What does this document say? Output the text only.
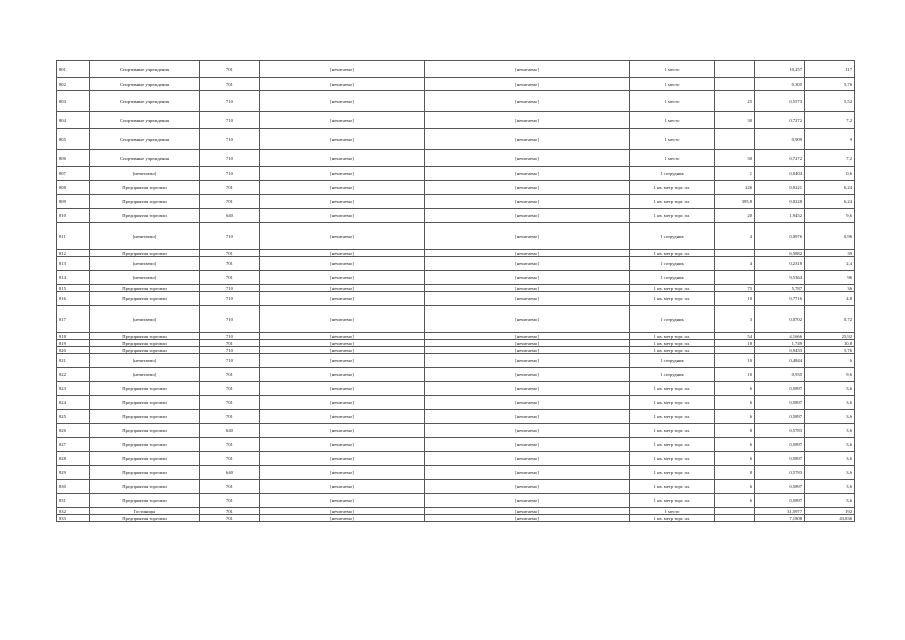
801	Спортивные учреждения	701	[нечитаемо]	[нечитаемо]	1 место		10,257	117
802	Спортивные учреждения	701	[нечитаемо]	[нечитаемо]	1 место		0,305	5,76
803	Спортивные учреждения	710	[нечитаемо]	[нечитаемо]	1 место	25	0,5573	5,52
804	Спортивные учреждения	710	[нечитаемо]	[нечитаемо]	1 место	30	0,7272	7,2
805	Спортивные учреждения	710	[нечитаемо]	[нечитаемо]	1 место		0,909	9
806	Спортивные учреждения	710	[нечитаемо]	[нечитаемо]	1 место	30	0,7272	7,2
807	[нечитаемо]	710	[нечитаемо]	[нечитаемо]	1 сотрудник	1	0,0404	0,6
808	Предприятия торговли	701	[нечитаемо]	[нечитаемо]	1 кв. метр торг. пл.	226	0,0221	6,24
809	Предприятия торговли	701	[нечитаемо]	[нечитаемо]	1 кв. метр торг. пл.	395,8	0,0228	6,24
810	Предприятия торговли	640	[нечитаемо]	[нечитаемо]	1 кв. метр торг. пл.	20	1,9452	9,6
811	[нечитаемо]	710	[нечитаемо]	[нечитаемо]	1 сотрудник	4	0,0976	0,96
812	Предприятия торговли	701	[нечитаемо]	[нечитаемо]	1 кв. метр торг. пл.		6,5882	39
813	[нечитаемо]	701	[нечитаемо]	[нечитаемо]	1 сотрудник	4	0,2318	2,4
814	[нечитаемо]	701	[нечитаемо]	[нечитаемо]	1 сотрудник		9,5364	96
815	Предприятия торговли	710	[нечитаемо]	[нечитаемо]	1 кв. метр торг. пл.	75	5,787	36
816	Предприятия торговли	710	[нечитаемо]	[нечитаемо]	1 кв. метр торг. пл.	10	0,7716	4,8
817	[нечитаемо]	710	[нечитаемо]	[нечитаемо]	1 сотрудник	3	0,0702	0,72
818	Предприятия торговли	710	[нечитаемо]	[нечитаемо]	1 кв. метр торг. пл.	54	4,1666	25,92
819	Предприятия торговли	701	[нечитаемо]	[нечитаемо]	1 кв. метр торг. пл.	18	1,749	10,8
820	Предприятия торговли	710	[нечитаемо]	[нечитаемо]	1 кв. метр торг. пл.		0,9433	5,76
821	[нечитаемо]	710	[нечитаемо]	[нечитаемо]	1 сотрудник	10	0,4844	6
822	[нечитаемо]	701	[нечитаемо]	[нечитаемо]	1 сотрудник	10	0,935	9,6
823	Предприятия торговли	701	[нечитаемо]	[нечитаемо]	1 кв. метр торг. пл.	6	0,5897	3,6
824	Предприятия торговли	701	[нечитаемо]	[нечитаемо]	1 кв. метр торг. пл.	6	0,5897	3,6
825	Предприятия торговли	701	[нечитаемо]	[нечитаемо]	1 кв. метр торг. пл.	6	0,5897	3,6
826	Предприятия торговли	640	[нечитаемо]	[нечитаемо]	1 кв. метр торг. пл.	8	0,5783	3,6
827	Предприятия торговли	701	[нечитаемо]	[нечитаемо]	1 кв. метр торг. пл.	6	0,5897	3,6
828	Предприятия торговли	701	[нечитаемо]	[нечитаемо]	1 кв. метр торг. пл.	6	0,5897	3,6
829	Предприятия торговли	640	[нечитаемо]	[нечитаемо]	1 кв. метр торг. пл.	8	0,5783	3,6
830	Предприятия торговли	701	[нечитаемо]	[нечитаемо]	1 кв. метр торг. пл.	6	0,5897	3,6
831	Предприятия торговли	701	[нечитаемо]	[нечитаемо]	1 кв. метр торг. пл.	6	0,5897	3,6
832	Гостиницы	701	[нечитаемо]	[нечитаемо]	1 место		31,5977	192
833	Предприятия торговли	701	[нечитаемо]	[нечитаемо]	1 кв. метр торг. пл.		7,1808	43,836
